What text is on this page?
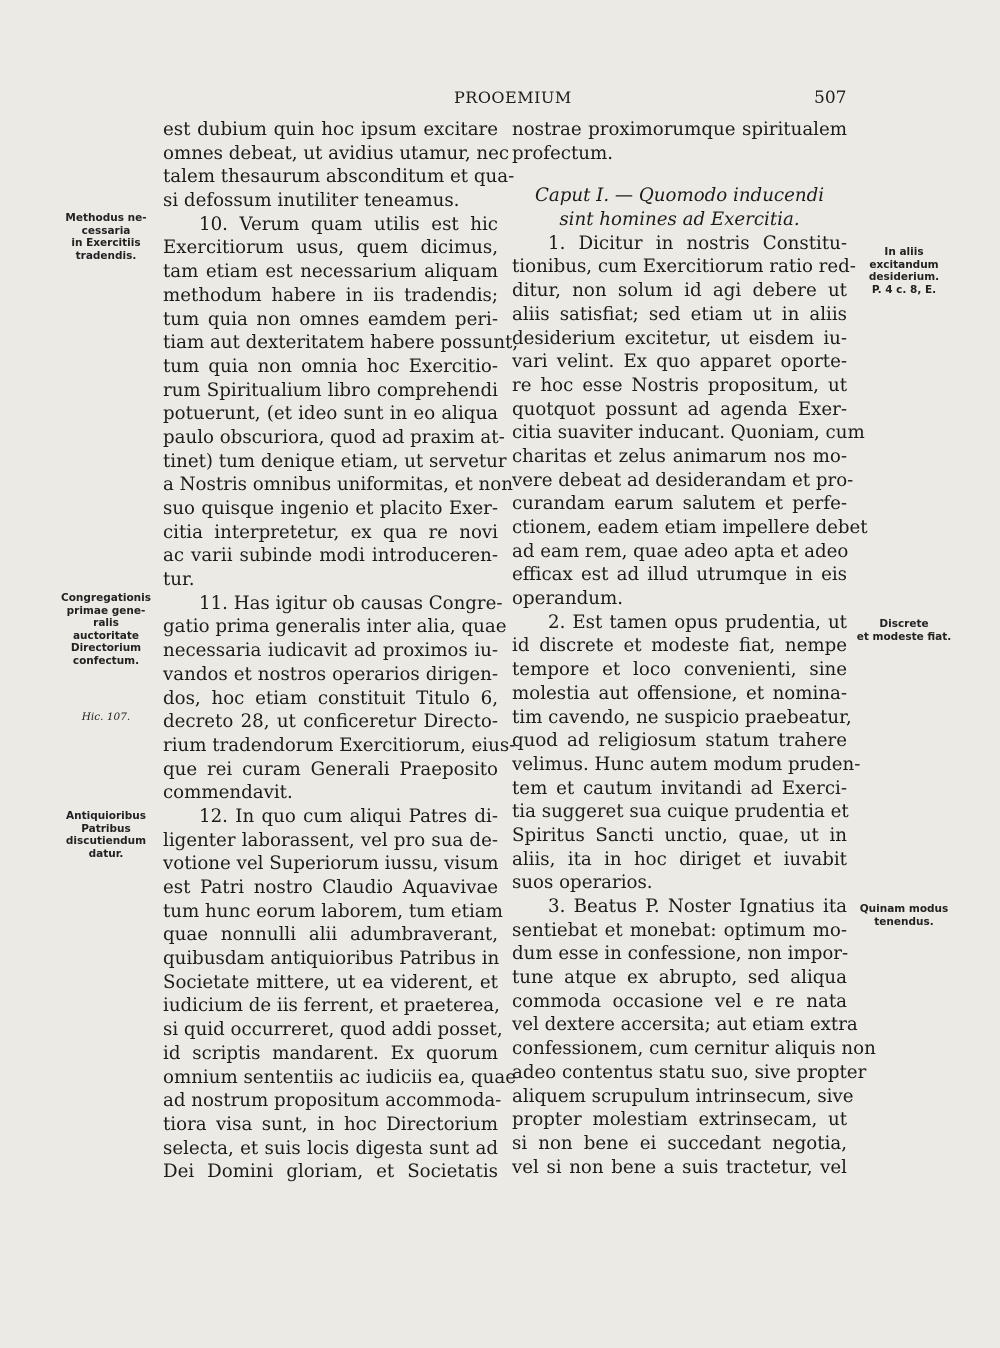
PROOEMIUM	507
Methodus ne-
cessaria
in Exercitiis
tradendis.
Congregationis
primae gene-
ralis
auctoritate
Directorium
confectum.
Hic. 107.
Antiquioribus
Patribus
discutiendum
datur.
In aliis
excitandum
desiderium.
P. 4 c. 8, E.
Discrete
et modeste fiat.
Quinam modus
tenendus.
est dubium quin hoc ipsum excitare
omnes debeat, ut avidius utamur, nec
talem thesaurum absconditum et qua-
si defossum inutiliter teneamus.
10. Verum quam utilis est hic
Exercitiorum usus, quem dicimus,
tam etiam est necessarium aliquam
methodum habere in iis tradendis;
tum quia non omnes eamdem peri-
tiam aut dexteritatem habere possunt,
tum quia non omnia hoc Exercitio-
rum Spiritualium libro comprehendi
potuerunt, (et ideo sunt in eo aliqua
paulo obscuriora, quod ad praxim at-
tinet) tum denique etiam, ut servetur
a Nostris omnibus uniformitas, et non
suo quisque ingenio et placito Exer-
citia interpretetur, ex qua re novi
ac varii subinde modi introduceren-
tur.
11. Has igitur ob causas Congre-
gatio prima generalis inter alia, quae
necessaria iudicavit ad proximos iu-
vandos et nostros operarios dirigen-
dos, hoc etiam constituit Titulo 6,
decreto 28, ut conficeretur Directo-
rium tradendorum Exercitiorum, eius-
que rei curam Generali Praeposito
commendavit.
12. In quo cum aliqui Patres di-
ligenter laborassent, vel pro sua de-
votione vel Superiorum iussu, visum
est Patri nostro Claudio Aquavivae
tum hunc eorum laborem, tum etiam
quae nonnulli alii adumbraverant,
quibusdam antiquioribus Patribus in
Societate mittere, ut ea viderent, et
iudicium de iis ferrent, et praeterea,
si quid occurreret, quod addi posset,
id scriptis mandarent. Ex quorum
omnium sententiis ac iudiciis ea, quae
ad nostrum propositum accommoda-
tiora visa sunt, in hoc Directorium
selecta, et suis locis digesta sunt ad
Dei Domini gloriam, et Societatis
nostrae proximorumque spiritualem
profectum.
Caput I. — Quomodo inducendi
sint homines ad Exercitia.
1. Dicitur in nostris Constitu-
tionibus, cum Exercitiorum ratio red-
ditur, non solum id agi debere ut
aliis satisfiat; sed etiam ut in aliis
desiderium excitetur, ut eisdem iu-
vari velint. Ex quo apparet oporte-
re hoc esse Nostris propositum, ut
quotquot possunt ad agenda Exer-
citia suaviter inducant. Quoniam, cum
charitas et zelus animarum nos mo-
vere debeat ad desiderandam et pro-
curandam earum salutem et perfe-
ctionem, eadem etiam impellere debet
ad eam rem, quae adeo apta et adeo
efficax est ad illud utrumque in eis
operandum.
2. Est tamen opus prudentia, ut
id discrete et modeste fiat, nempe
tempore et loco convenienti, sine
molestia aut offensione, et nomina-
tim cavendo, ne suspicio praebeatur,
quod ad religiosum statum trahere
velimus. Hunc autem modum pruden-
tem et cautum invitandi ad Exerci-
tia suggeret sua cuique prudentia et
Spiritus Sancti unctio, quae, ut in
aliis, ita in hoc diriget et iuvabit
suos operarios.
3. Beatus P. Noster Ignatius ita
sentiebat et monebat: optimum mo-
dum esse in confessione, non impor-
tune atque ex abrupto, sed aliqua
commoda occasione vel e re nata
vel dextere accersita; aut etiam extra
confessionem, cum cernitur aliquis non
adeo contentus statu suo, sive propter
aliquem scrupulum intrinsecum, sive
propter molestiam extrinsecam, ut
si non bene ei succedant negotia,
vel si non bene a suis tractetur, vel
